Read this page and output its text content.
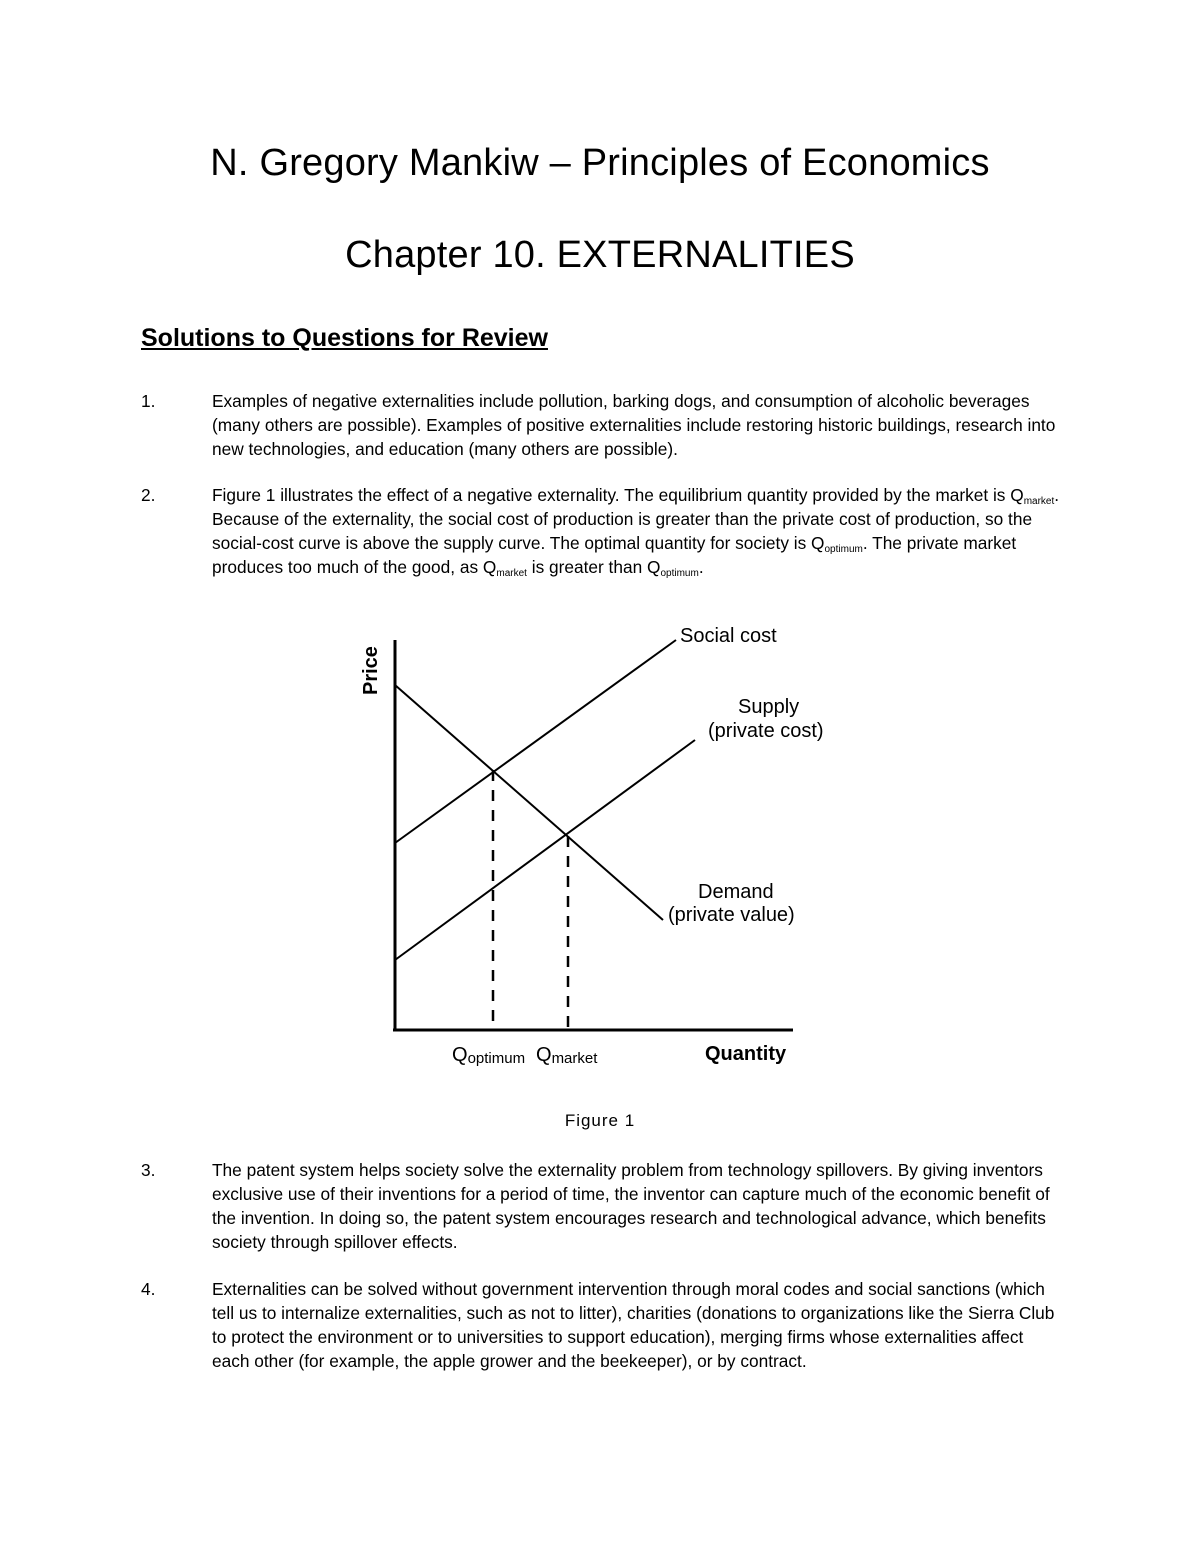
N. Gregory Mankiw – Principles of Economics
Chapter 10. EXTERNALITIES
Solutions to Questions for Review
1.	Examples of negative externalities include pollution, barking dogs, and consumption of alcoholic beverages (many others are possible). Examples of positive externalities include restoring historic buildings, research into new technologies, and education (many others are possible).
2.	Figure 1 illustrates the effect of a negative externality. The equilibrium quantity provided by the market is $Q_{market}$. Because of the externality, the social cost of production is greater than the private cost of production, so the social-cost curve is above the supply curve. The optimal quantity for society is $Q_{optimum}$. The private market produces too much of the good, as $Q_{market}$ is greater than $Q_{optimum}$.
Price
Quantity
Social cost
Supply
(private cost)
Demand
(private value)
Qoptimum Qmarket
Figure 1
3.	The patent system helps society solve the externality problem from technology spillovers. By giving inventors exclusive use of their inventions for a period of time, the inventor can capture much of the economic benefit of the invention. In doing so, the patent system encourages research and technological advance, which benefits society through spillover effects.
4.	Externalities can be solved without government intervention through moral codes and social sanctions (which tell us to internalize externalities, such as not to litter), charities (donations to organizations like the Sierra Club to protect the environment or to universities to support education), merging firms whose externalities affect each other (for example, the apple grower and the beekeeper), or by contract.
